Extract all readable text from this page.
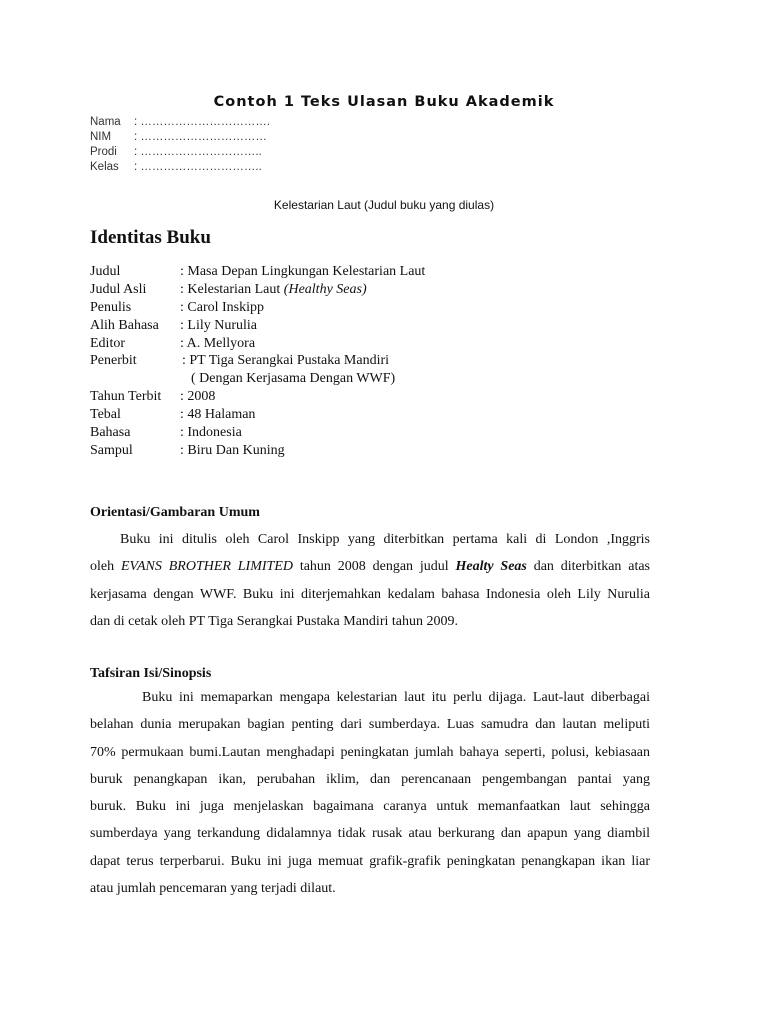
Contoh 1 Teks Ulasan Buku Akademik
Nama : …………………………….
NIM : ……………………………
Prodi : …………………………..
Kelas : …………………………..
Kelestarian Laut (Judul buku yang diulas)
Identitas Buku
Judul	: Masa Depan Lingkungan Kelestarian Laut
Judul Asli : Kelestarian Laut (Healthy Seas)
Penulis	: Carol Inskipp
Alih Bahasa : Lily Nurulia
Editor	: A. Mellyora
Penerbit	: PT Tiga Serangkai Pustaka Mandiri
( Dengan Kerjasama Dengan WWF)
Tahun Terbit : 2008
Tebal	: 48 Halaman
Bahasa	: Indonesia
Sampul	: Biru Dan Kuning
Orientasi/Gambaran Umum
Buku ini ditulis oleh Carol Inskipp yang diterbitkan pertama kali di London ,Inggris
oleh EVANS BROTHER LIMITED tahun 2008 dengan judul Healty Seas dan diterbitkan atas
kerjasama dengan WWF. Buku ini diterjemahkan kedalam bahasa Indonesia oleh Lily Nurulia
dan di cetak oleh PT Tiga Serangkai Pustaka Mandiri tahun 2009.
Tafsiran Isi/Sinopsis
Buku ini memaparkan mengapa kelestarian laut itu perlu dijaga. Laut-laut diberbagai
belahan dunia merupakan bagian penting dari sumberdaya. Luas samudra dan lautan meliputi
70% permukaan bumi.Lautan menghadapi peningkatan jumlah bahaya seperti, polusi, kebiasaan
buruk penangkapan ikan, perubahan iklim, dan perencanaan pengembangan pantai yang
buruk. Buku ini juga menjelaskan bagaimana caranya untuk memanfaatkan laut sehingga
sumberdaya yang terkandung didalamnya tidak rusak atau berkurang dan apapun yang diambil
dapat terus terperbarui. Buku ini juga memuat grafik-grafik peningkatan penangkapan ikan liar
atau jumlah pencemaran yang terjadi dilaut.
